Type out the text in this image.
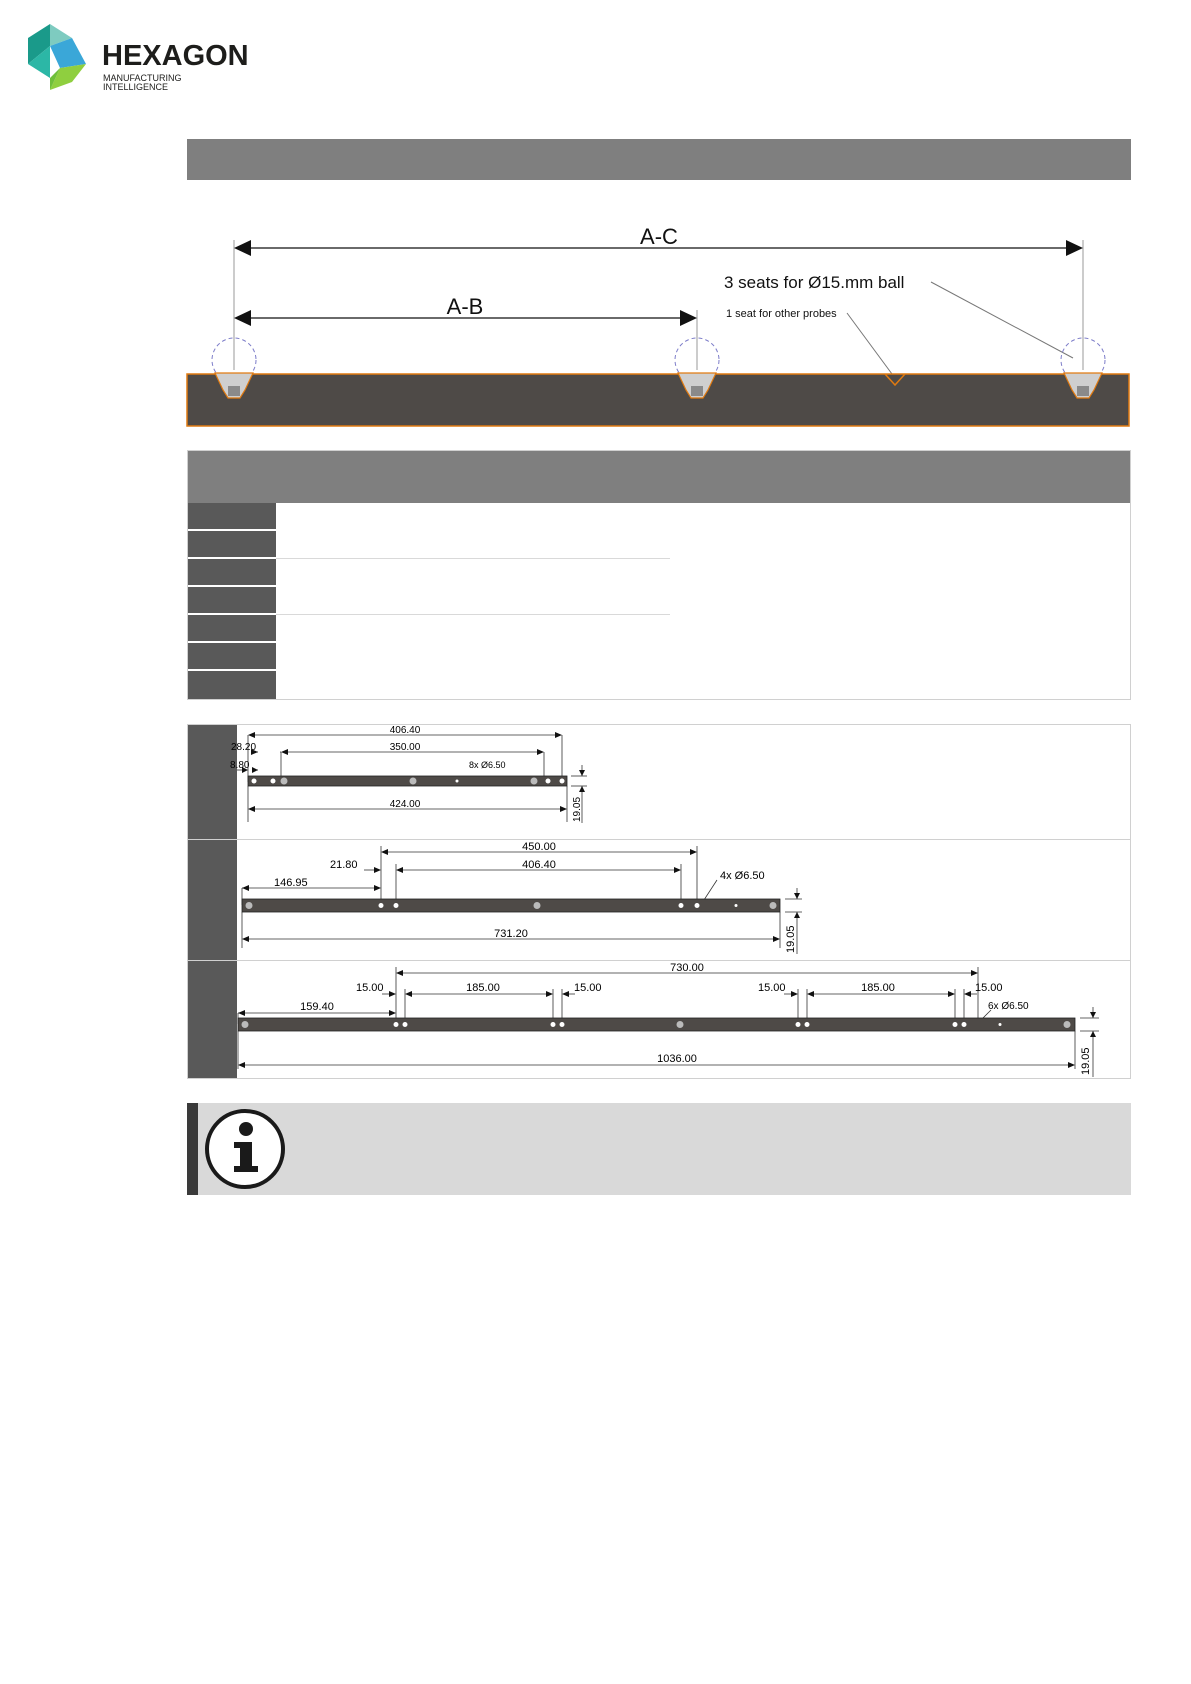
HEXAGON
MANUFACTURING INTELLIGENCE
A-C
A-B
3 seats for Ø15.mm ball
1 seat for other probes
406.40
28.20	350.00
8.80	8x Ø6.50
424.00	19.05
450.00
21.80	406.40
146.95
4x Ø6.50
731.20	19.05
730.00
15.00	185.00	15.00	15.00	185.00	15.00
159.40	6x Ø6.50
1036.00	19.05
